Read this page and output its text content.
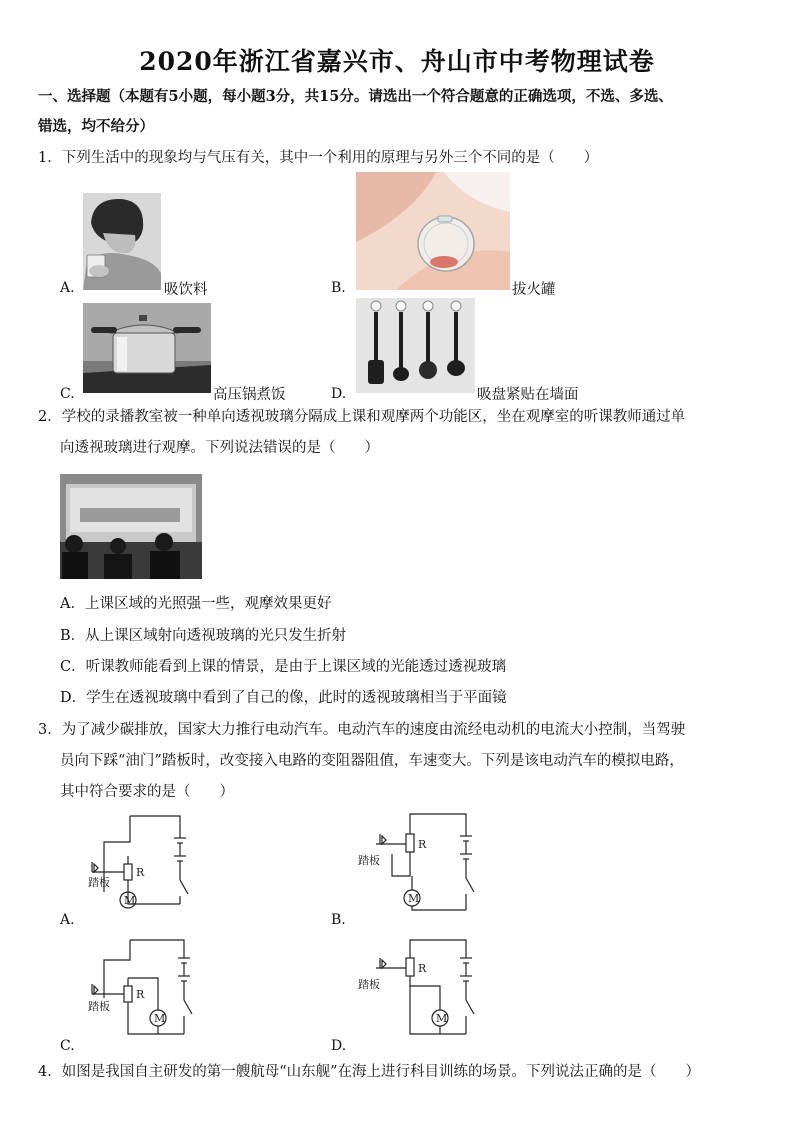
2020年浙江省嘉兴市、舟山市中考物理试卷
一、选择题（本题有5小题，每小题3分，共15分。请选出一个符合题意的正确选项，不选、多选、
错选，均不给分）
1．下列生活中的现象均与气压有关，其中一个利用的原理与另外三个不同的是（　　）
A.	吸饮料	B.	拔火罐
C.	高压锅煮饭	D.	吸盘紧贴在墙面
2．学校的录播教室被一种单向透视玻璃分隔成上课和观摩两个功能区，坐在观摩室的听课教师通过单
向透视玻璃进行观摩。下列说法错误的是（　　）
A．上课区域的光照强一些，观摩效果更好
B．从上课区域射向透视玻璃的光只发生折射
C．听课教师能看到上课的情景，是由于上课区域的光能透过透视玻璃
D．学生在透视玻璃中看到了自己的像，此时的透视玻璃相当于平面镜
3．为了减少碳排放，国家大力推行电动汽车。电动汽车的速度由流经电动机的电流大小控制，当驾驶
员向下踩“油门”踏板时，改变接入电路的变阻器阻值，车速变大。下列是该电动汽车的模拟电路，
其中符合要求的是（　　）
R
M
踏板
A.
R
M
踏板
B.
R
M
踏板
C.
R
M
踏板
D.
4．如图是我国自主研发的第一艘航母“山东舰”在海上进行科目训练的场景。下列说法正确的是（　　）
